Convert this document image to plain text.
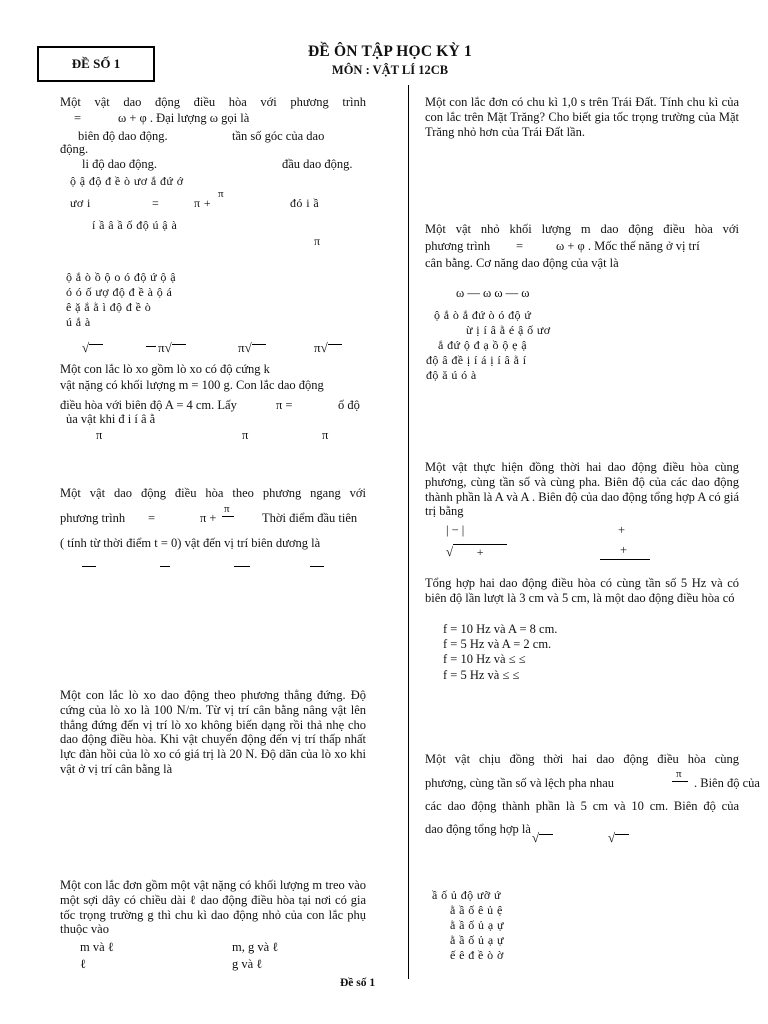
ĐỀ SỐ 1
ĐỀ ÔN TẬP HỌC KỲ 1
MÔN : VẬT LÍ 12CB
Một vật dao động điều hòa với phương trình
=	ω + φ . Đại lượng ω gọi là
biên độ dao động.	tần số góc của dao
động.
li độ dao động.	đầu dao động.
ộ ậ độ đ ề ò ươ ắ đứ ớ
ươ i	=	π +
π
đó i ầ
í ầ â ầ ố độ ú ậ à
π
ộ ắ ò ồ ộ o ó độ ứ ộ ậ
ó ó ố ượ độ đ ề à ộ á
ê ặ ắ ằ ì độ đ ề ò
ú ắ à
√	π√	π√	π√
Một con lắc lò xo gồm lò xo có độ cứng k
vật nặng có khối lượng m = 100 g. Con lắc dao động
điều hòa với biên độ A = 4 cm. Lấy	π =	ố độ
ủa vật khi đ i í â ằ
π	π	π
Một vật dao động điều hòa theo phương ngang với
phương trình =	π +
π
Thời điểm đầu tiên
( tính từ thời điểm t = 0) vật đến vị trí biên dương là
Một con lắc lò xo dao động theo phương thẳng đứng. Độ cứng của lò xo là 100 N/m. Từ vị trí cân bằng nâng vật lên thẳng đứng đến vị trí lò xo không biến dạng rồi thả nhẹ cho dao động điều hòa. Khi vật chuyển động đến vị trí thấp nhất lực đàn hồi của lò xo có giá trị là 20 N. Độ dãn của lò xo khi vật ở vị trí cân bằng là
Một con lắc đơn gồm một vật nặng có khối lượng m treo vào một sợi dây có chiều dài ℓ dao động điều hòa tại nơi có gia tốc trọng trường g thì chu kì dao động nhỏ của con lắc phụ thuộc vào
m và ℓ	m, g và ℓ
ℓ	g và ℓ
Một con lắc đơn có chu kì 1,0 s trên Trái Đất. Tính chu kì của con lắc trên Mặt Trăng? Cho biết gia tốc trọng trường của Mặt Trăng nhỏ hơn của Trái Đất lần.
Một vật nhỏ khối lượng m dao động điều hòa với
phương trình =	ω + φ . Mốc thế năng ở vị trí
cân bằng. Cơ năng dao động của vật là
ω — ω ω — ω
ộ ắ ò ắ đứ ò ó độ ứ
ừ ị í â ằ é ậ ố ươ
ắ đứ ộ đ ạ ồ ộ ẹ ậ
độ â đề ị í á ị í â ằ í
độ ă ú ó à
Một vật thực hiện đồng thời hai dao động điều hòa cùng phương, cùng tần số và cùng pha. Biên độ của các dao động thành phần là A và A . Biên độ của dao động tổng hợp A có giá trị bằng
| − |	+
√ +	+
Tổng hợp hai dao động điều hòa có cùng tần số 5 Hz và có biên độ lần lượt là 3 cm và 5 cm, là một dao động điều hòa có
f = 10 Hz và A = 8 cm.
f = 5 Hz và A = 2 cm.
f = 10 Hz và ≤ ≤
f = 5 Hz và ≤ ≤
Một vật chịu đồng thời hai dao động điều hòa cùng
phương, cùng tần số và lệch pha nhau
π
. Biên độ của
các dao động thành phần là 5 cm và 10 cm. Biên độ của
dao động tổng hợp là
√	√
ầ ố ủ độ ưỡ ứ
ằ ầ ố ê ủ ệ
ằ ầ ố ủ ạ ự
ằ ầ ố ủ ạ ự
ế ê đ ề ò ờ
Đề số 1
